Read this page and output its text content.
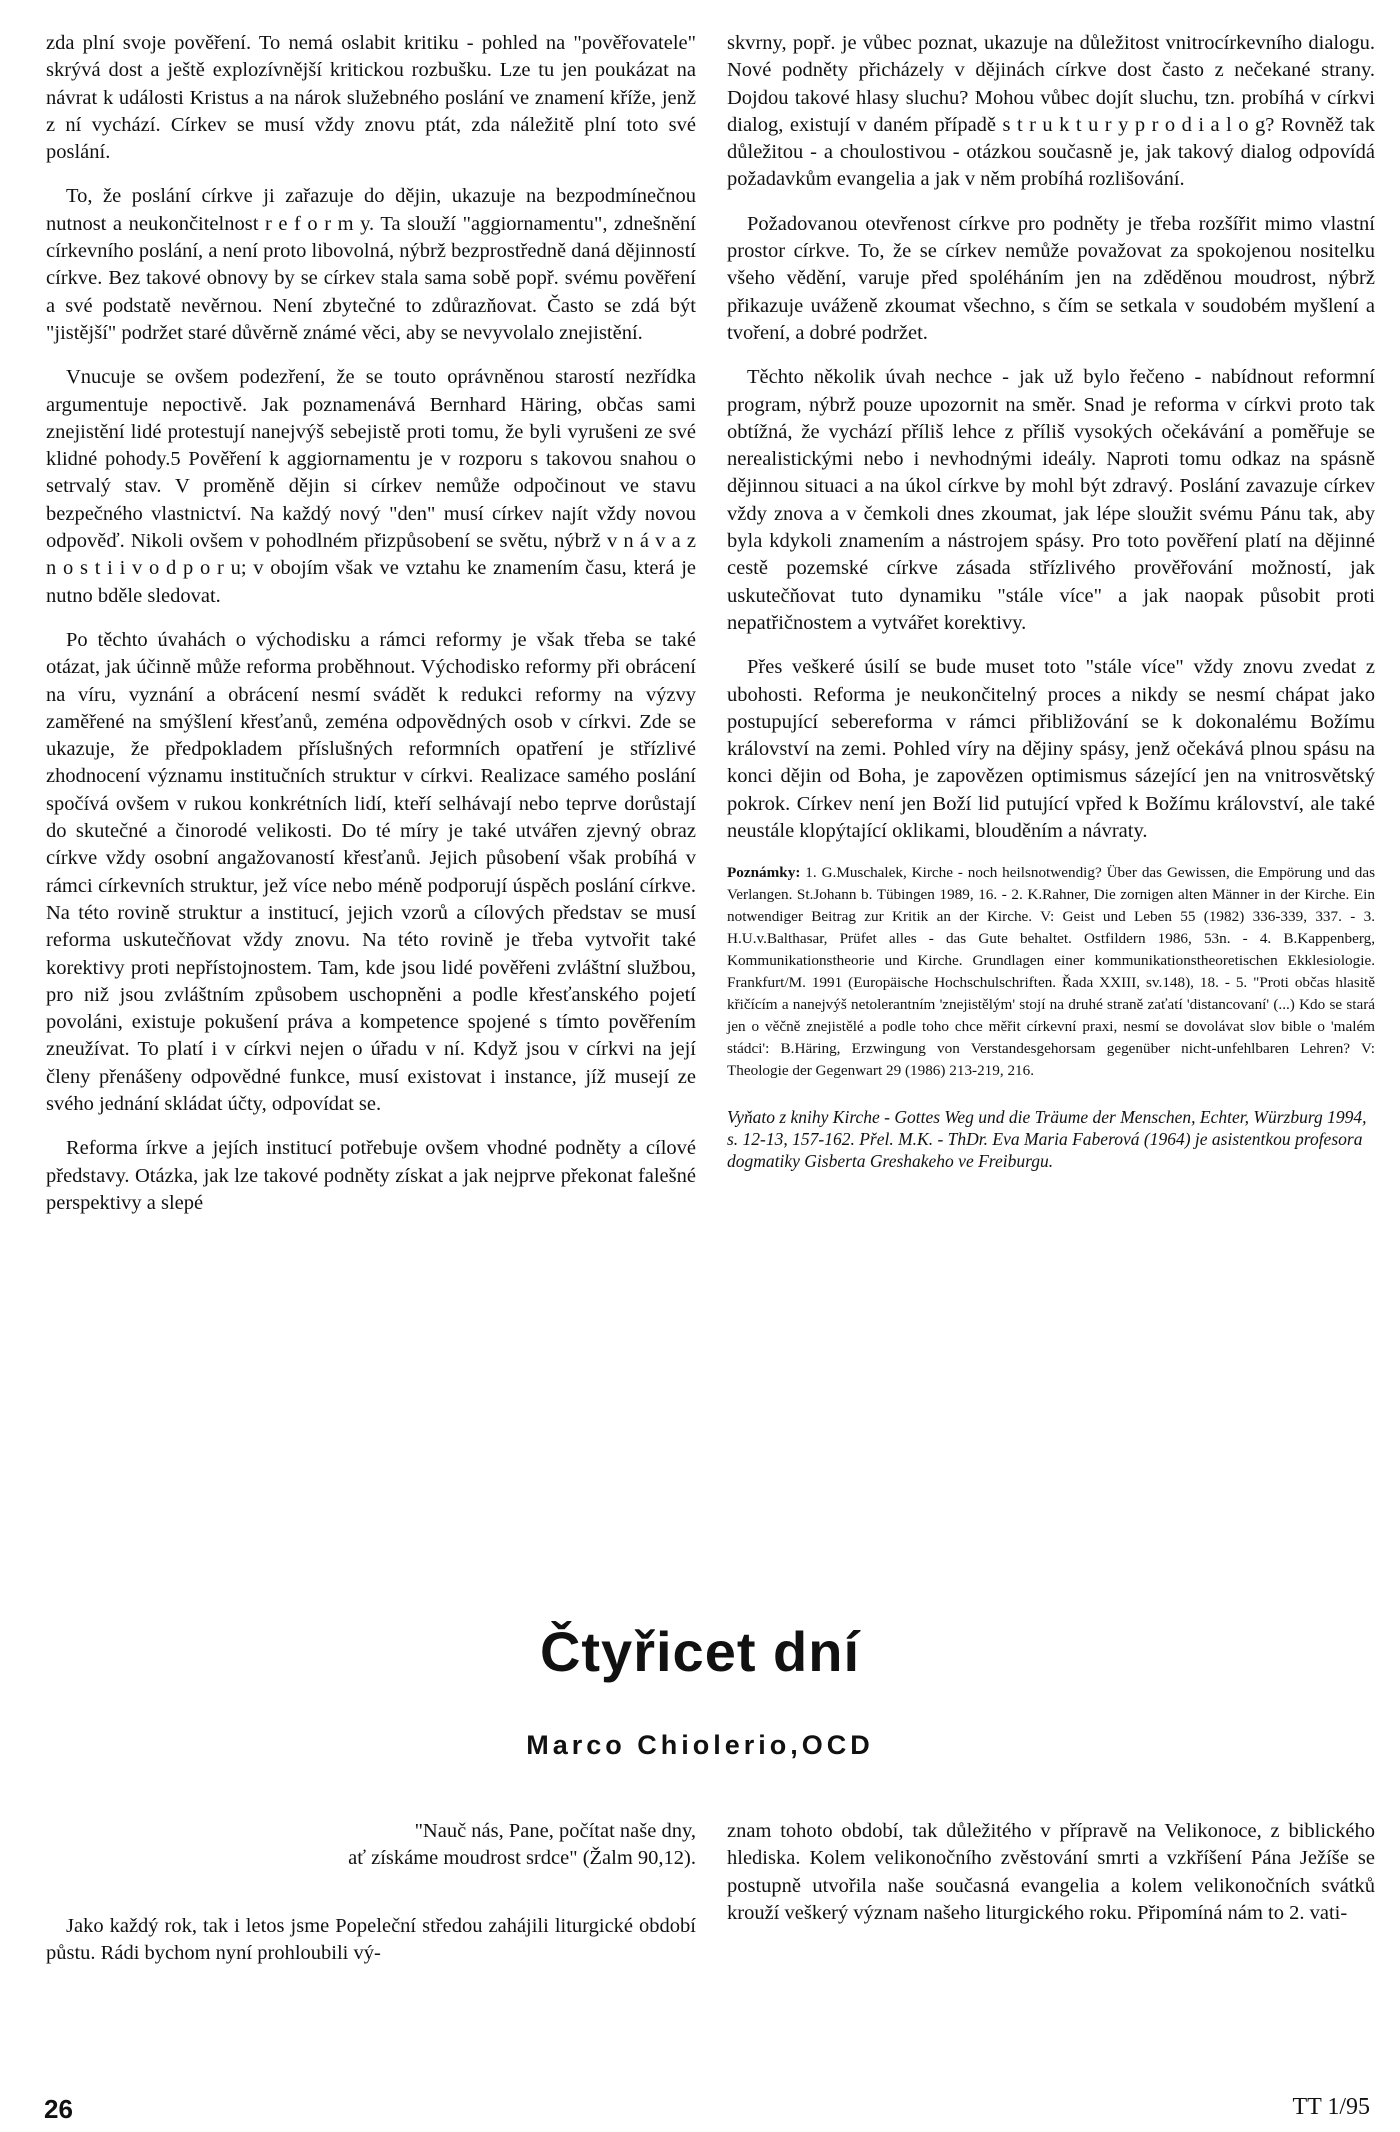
zda plní svoje pověření. To nemá oslabit kritiku - pohled na "pověřovatele" skrývá dost a ještě explozívnější kritickou rozbušku. Lze tu jen poukázat na návrat k události Kristus a na nárok služebného poslání ve znamení kříže, jenž z ní vychází. Církev se musí vždy znovu ptát, zda náležitě plní toto své poslání.

To, že poslání církve ji zařazuje do dějin, ukazuje na bezpodmínečnou nutnost a neukončitelnost r e f o r m y. Ta slouží "aggiornamentu", zdnešnění církevního poslání, a není proto libovolná, nýbrž bezprostředně daná dějinností církve. Bez takové obnovy by se církev stala sama sobě popř. svému pověření a své podstatě nevěrnou. Není zbytečné to zdůrazňovat. Často se zdá být "jistější" podržet staré důvěrně známé věci, aby se nevyvolalo znejistění.

Vnucuje se ovšem podezření, že se touto oprávněnou starostí nezřídka argumentuje nepoctivě. Jak poznamenává Bernhard Häring, občas sami znejistění lidé protestují nanejvýš sebejistě proti tomu, že byli vyrušeni ze své klidné pohody.5 Pověření k aggiornamentu je v rozporu s takovou snahou o setrvalý stav. V proměně dějin si církev nemůže odpočinout ve stavu bezpečného vlastnictví. Na každý nový "den" musí církev najít vždy novou odpověď. Nikoli ovšem v pohodlném přizpůsobení se světu, nýbrž v n á v a z n o s t i i v o d p o r u; v obojím však ve vztahu ke znamením času, která je nutno bděle sledovat.

Po těchto úvahách o východisku a rámci reformy je však třeba se také otázat, jak účinně může reforma proběhnout. Východisko reformy při obrácení na víru, vyznání a obrácení nesmí svádět k redukci reformy na výzvy zaměřené na smýšlení křesťanů, zeména odpovědných osob v církvi. Zde se ukazuje, že předpokladem příslušných reformních opatření je střízlivé zhodnocení významu institučních struktur v církvi. Realizace samého poslání spočívá ovšem v rukou konkrétních lidí, kteří selhávají nebo teprve dorůstají do skutečné a činorodé velikosti. Do té míry je také utvářen zjevný obraz církve vždy osobní angažovaností křesťanů. Jejich působení však probíhá v rámci církevních struktur, jež více nebo méně podporují úspěch poslání církve. Na této rovině struktur a institucí, jejich vzorů a cílových představ se musí reforma uskutečňovat vždy znovu. Na této rovině je třeba vytvořit také korektivy proti nepřístojnostem. Tam, kde jsou lidé pověřeni zvláštní službou, pro niž jsou zvláštním způsobem uschopněni a podle křesťanského pojetí povoláni, existuje pokušení práva a kompetence spojené s tímto pověřením zneužívat. To platí i v církvi nejen o úřadu v ní. Když jsou v církvi na její členy přenášeny odpovědné funkce, musí existovat i instance, jíž musejí ze svého jednání skládat účty, odpovídat se.

Reforma írkve a jejích institucí potřebuje ovšem vhodné podněty a cílové představy. Otázka, jak lze takové podněty získat a jak nejprve překonat falešné perspektivy a slepé

skvrny, popř. je vůbec poznat, ukazuje na důležitost vnitrocírkevního dialogu. Nové podněty přicházely v dějinách církve dost často z nečekané strany. Dojdou takové hlasy sluchu? Mohou vůbec dojít sluchu, tzn. probíhá v církvi dialog, existují v daném případě s t r u k t u r y p r o d i a l o g? Rovněž tak důležitou - a choulostivou - otázkou současně je, jak takový dialog odpovídá požadavkům evangelia a jak v něm probíhá rozlišování.

Požadovanou otevřenost církve pro podněty je třeba rozšířit mimo vlastní prostor církve. To, že se církev nemůže považovat za spokojenou nositelku všeho vědění, varuje před spoléháním jen na zděděnou moudrost, nýbrž přikazuje uváženě zkoumat všechno, s čím se setkala v soudobém myšlení a tvoření, a dobré podržet.

Těchto několik úvah nechce - jak už bylo řečeno - nabídnout reformní program, nýbrž pouze upozornit na směr. Snad je reforma v církvi proto tak obtížná, že vychází příliš lehce z příliš vysokých očekávání a poměřuje se nerealistickými nebo i nevhodnými ideály. Naproti tomu odkaz na spásně dějinnou situaci a na úkol církve by mohl být zdravý. Poslání zavazuje církev vždy znova a v čemkoli dnes zkoumat, jak lépe sloužit svému Pánu tak, aby byla kdykoli znamením a nástrojem spásy. Pro toto pověření platí na dějinné cestě pozemské církve zásada střízlivého prověřování možností, jak uskutečňovat tuto dynamiku "stále více" a jak naopak působit proti nepatřičnostem a vytvářet korektivy.

Přes veškeré úsilí se bude muset toto "stále více" vždy znovu zvedat z ubohosti. Reforma je neukončitelný proces a nikdy se nesmí chápat jako postupující sebereforma v rámci přibližování se k dokonalému Božímu království na zemi. Pohled víry na dějiny spásy, jenž očekává plnou spásu na konci dějin od Boha, je zapovězen optimismus sázející jen na vnitrosvětský pokrok. Církev není jen Boží lid putující vpřed k Božímu království, ale také neustále klopýtající oklikami, blouděním a návraty.

Poznámky: 1. G.Muschalek, Kirche - noch heilsnotwendig? Über das Gewissen, die Empörung und das Verlangen. St.Johann b. Tübingen 1989, 16. - 2. K.Rahner, Die zornigen alten Männer in der Kirche. Ein notwendiger Beitrag zur Kritik an der Kirche. V: Geist und Leben 55 (1982) 336-339, 337. - 3. H.U.v.Balthasar, Prüfet alles - das Gute behaltet. Ostfildern 1986, 53n. - 4. B.Kappenberg, Kommunikationstheorie und Kirche. Grundlagen einer kommunikationstheoretischen Ekklesiologie. Frankfurt/M. 1991 (Europäische Hochschulschriften. Řada XXIII, sv.148), 18. - 5. "Proti občas hlasitě křičícím a nanejvýš netolerantním 'znejistělým' stojí na druhé straně zaťatí 'distancovaní' (...) Kdo se stará jen o věčně znejistělé a podle toho chce měřit církevní praxi, nesmí se dovolávat slov bible o 'malém stádci': B.Häring, Erzwingung von Verstandesgehorsam gegenüber nicht-unfehlbaren Lehren? V: Theologie der Gegenwart 29 (1986) 213-219, 216.
Vyňato z knihy Kirche - Gottes Weg und die Träume der Menschen, Echter, Würzburg 1994, s. 12-13, 157-162. Přel. M.K. - ThDr. Eva Maria Faberová (1964) je asistentkou profesora dogmatiky Gisberta Greshakeho ve Freiburgu.
Čtyřicet dní
Marco Chiolerio,OCD

"Nauč nás, Pane, počítat naše dny,
ať získáme moudrost srdce" (Žalm 90,12).

Jako každý rok, tak i letos jsme Popeleční středou zahájili liturgické období půstu. Rádi bychom nyní prohloubili vý-

znam tohoto období, tak důležitého v přípravě na Velikonoce, z biblického hlediska. Kolem velikonočního zvěstování smrti a vzkříšení Pána Ježíše se postupně utvořila naše současná evangelia a kolem velikonočních svátků krouží veškerý význam našeho liturgického roku. Připomíná nám to 2. vati-

26	TT 1/95
